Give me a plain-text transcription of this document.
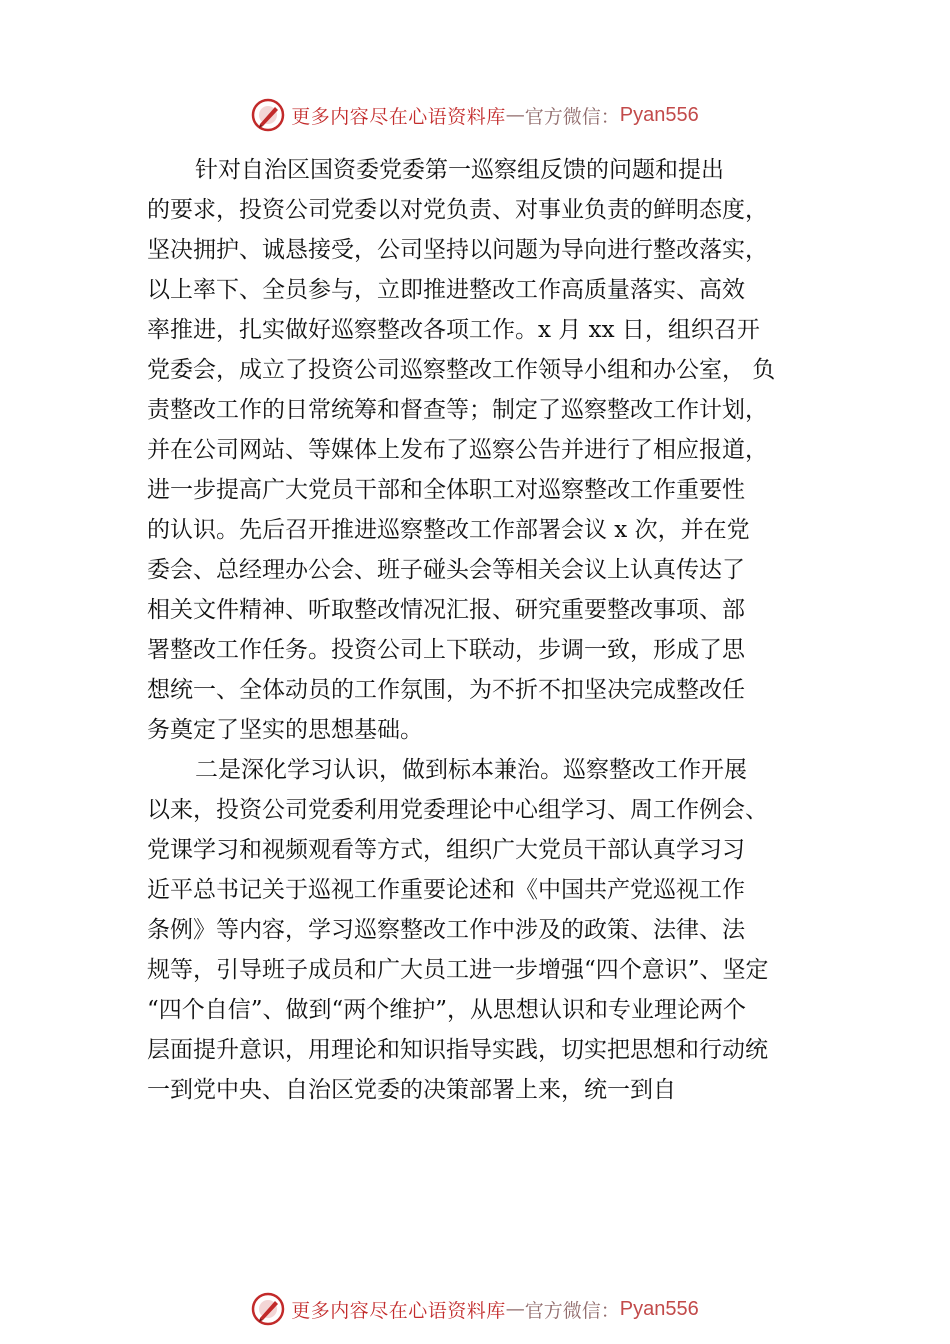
更多内容尽在心语资料库 — 官方微信： Pyan556

针对自治区国资委党委第一巡察组反馈的问题和提出
的要求，投资公司党委以对党负责、对事业负责的鲜明态度，
坚决拥护、诚恳接受，公司坚持以问题为导向进行整改落实，
以上率下、全员参与，立即推进整改工作高质量落实、高效
率推进，扎实做好巡察整改各项工作。x 月 xx 日，组织召开
党委会，成立了投资公司巡察整改工作领导小组和办公室， 负
责整改工作的日常统筹和督查等；制定了巡察整改工作计划，
并在公司网站、等媒体上发布了巡察公告并进行了相应报道，
进一步提高广大党员干部和全体职工对巡察整改工作重要性
的认识。先后召开推进巡察整改工作部署会议 x 次，并在党
委会、总经理办公会、班子碰头会等相关会议上认真传达了
相关文件精神、听取整改情况汇报、研究重要整改事项、部
署整改工作任务。投资公司上下联动，步调一致，形成了思
想统一、全体动员的工作氛围，为不折不扣坚决完成整改任
务奠定了坚实的思想基础。

二是深化学习认识，做到标本兼治。巡察整改工作开展
以来，投资公司党委利用党委理论中心组学习、周工作例会、
党课学习和视频观看等方式，组织广大党员干部认真学习习
近平总书记关于巡视工作重要论述和《中国共产党巡视工作
条例》等内容，学习巡察整改工作中涉及的政策、法律、法
规等，引导班子成员和广大员工进一步增强“四个意识”、坚定
“四个自信”、做到“两个维护”，从思想认识和专业理论两个
层面提升意识，用理论和知识指导实践，切实把思想和行动统
一到党中央、自治区党委的决策部署上来，统一到自

更多内容尽在心语资料库 — 官方微信： Pyan556
